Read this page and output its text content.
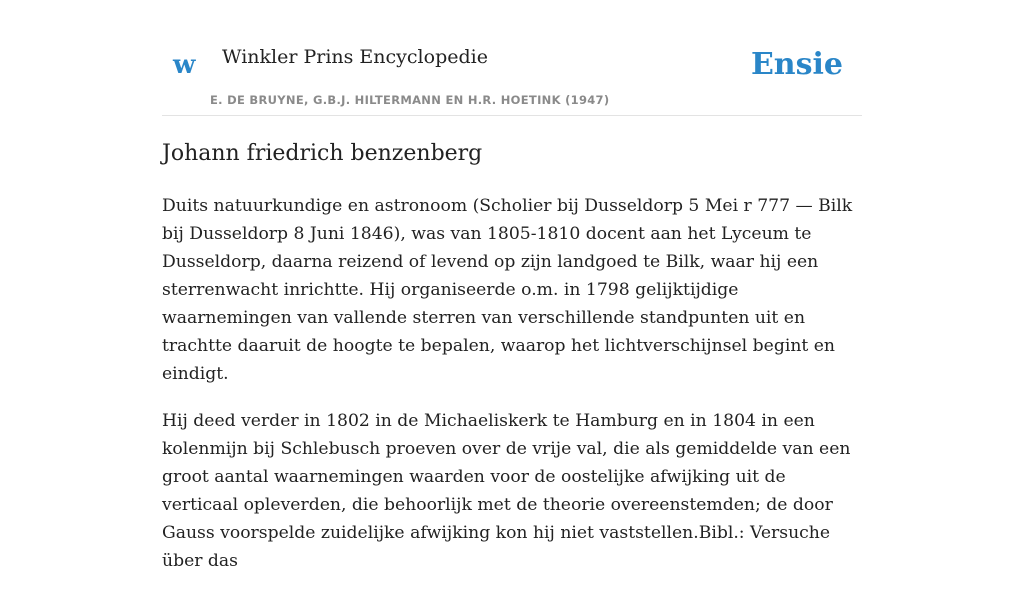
w Winkler Prins Encyclopedie
E. DE BRUYNE, G.B.J. HILTERMANN EN H.R. HOETINK (1947)
Ensie
Johann friedrich benzenberg

Duits natuurkundige en astronoom (Scholier bij Dusseldorp 5 Mei r 777 — Bilk bij Dusseldorp 8 Juni 1846), was van 1805-1810 docent aan het Lyceum te Dusseldorp, daarna reizend of levend op zijn landgoed te Bilk, waar hij een sterrenwacht inrichtte. Hij organiseerde o.m. in 1798 gelijktijdige waarnemingen van vallende sterren van verschillende standpunten uit en trachtte daaruit de hoogte te bepalen, waarop het lichtverschijnsel begint en eindigt.

Hij deed verder in 1802 in de Michaeliskerk te Hamburg en in 1804 in een kolenmijn bij Schlebusch proeven over de vrije val, die als gemiddelde van een groot aantal waarnemingen waarden voor de oostelijke afwijking uit de verticaal opleverden, die behoorlijk met de theorie overeenstemden; de door Gauss voorspelde zuidelijke afwijking kon hij niet vaststellen.Bibl.: Versuche über das
